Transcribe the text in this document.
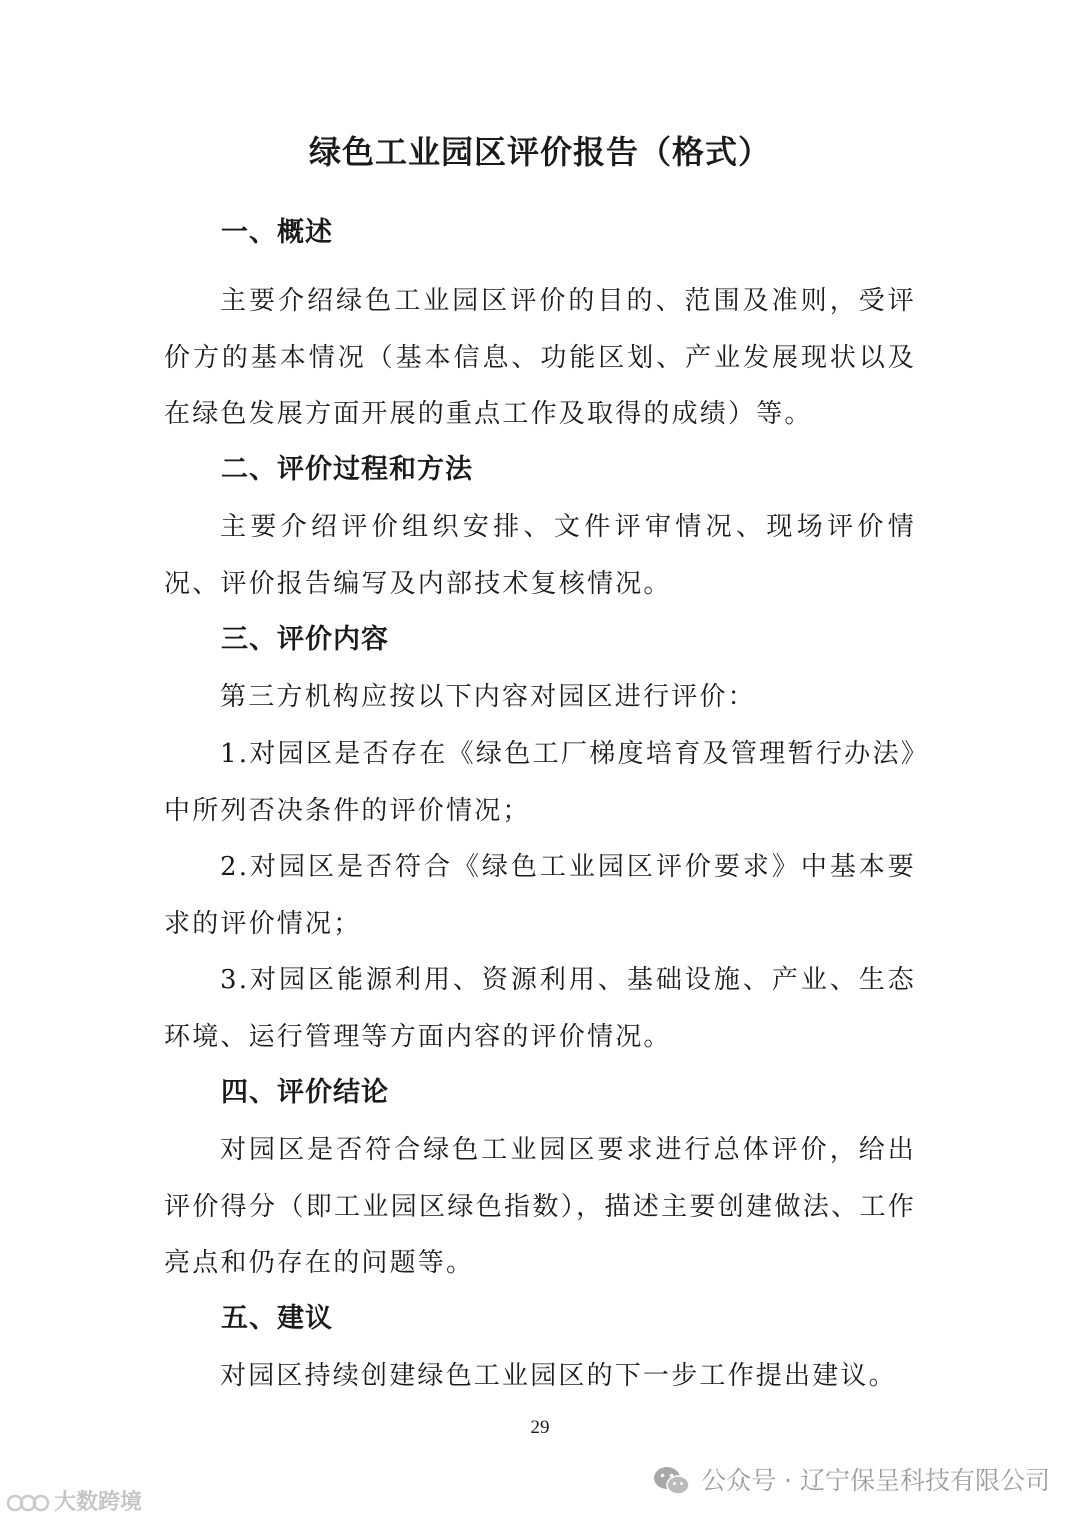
绿色工业园区评价报告（格式）
一、概述

主要介绍绿色工业园区评价的目的、范围及准则，受评价方的基本情况（基本信息、功能区划、产业发展现状以及在绿色发展方面开展的重点工作及取得的成绩）等。

二、评价过程和方法

主要介绍评价组织安排、文件评审情况、现场评价情况、评价报告编写及内部技术复核情况。

三、评价内容

第三方机构应按以下内容对园区进行评价：

1.对园区是否存在《绿色工厂梯度培育及管理暂行办法》中所列否决条件的评价情况；

2.对园区是否符合《绿色工业园区评价要求》中基本要求的评价情况；

3.对园区能源利用、资源利用、基础设施、产业、生态环境、运行管理等方面内容的评价情况。

四、评价结论

对园区是否符合绿色工业园区要求进行总体评价，给出评价得分（即工业园区绿色指数），描述主要创建做法、工作亮点和仍存在的问题等。

五、建议

对园区持续创建绿色工业园区的下一步工作提出建议。

29
公众号 · 辽宁保呈科技有限公司
大数跨境
